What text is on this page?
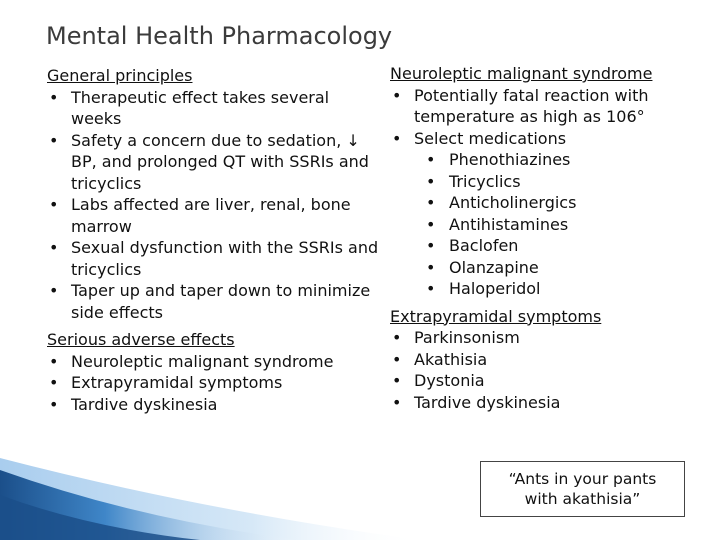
Mental Health Pharmacology
General principles
• Therapeutic effect takes several weeks
• Safety a concern due to sedation, ↓ BP, and prolonged QT with SSRIs and tricyclics
• Labs affected are liver, renal, bone marrow
• Sexual dysfunction with the SSRIs and tricyclics
• Taper up and taper down to minimize side effects
Serious adverse effects
• Neuroleptic malignant syndrome
• Extrapyramidal symptoms
• Tardive dyskinesia
Neuroleptic malignant syndrome
• Potentially fatal reaction with temperature as high as 106°
• Select medications
• Phenothiazines
• Tricyclics
• Anticholinergics
• Antihistamines
• Baclofen
• Olanzapine
• Haloperidol
Extrapyramidal symptoms
• Parkinsonism
• Akathisia
• Dystonia
• Tardive dyskinesia
“Ants in your pants
with akathisia”
